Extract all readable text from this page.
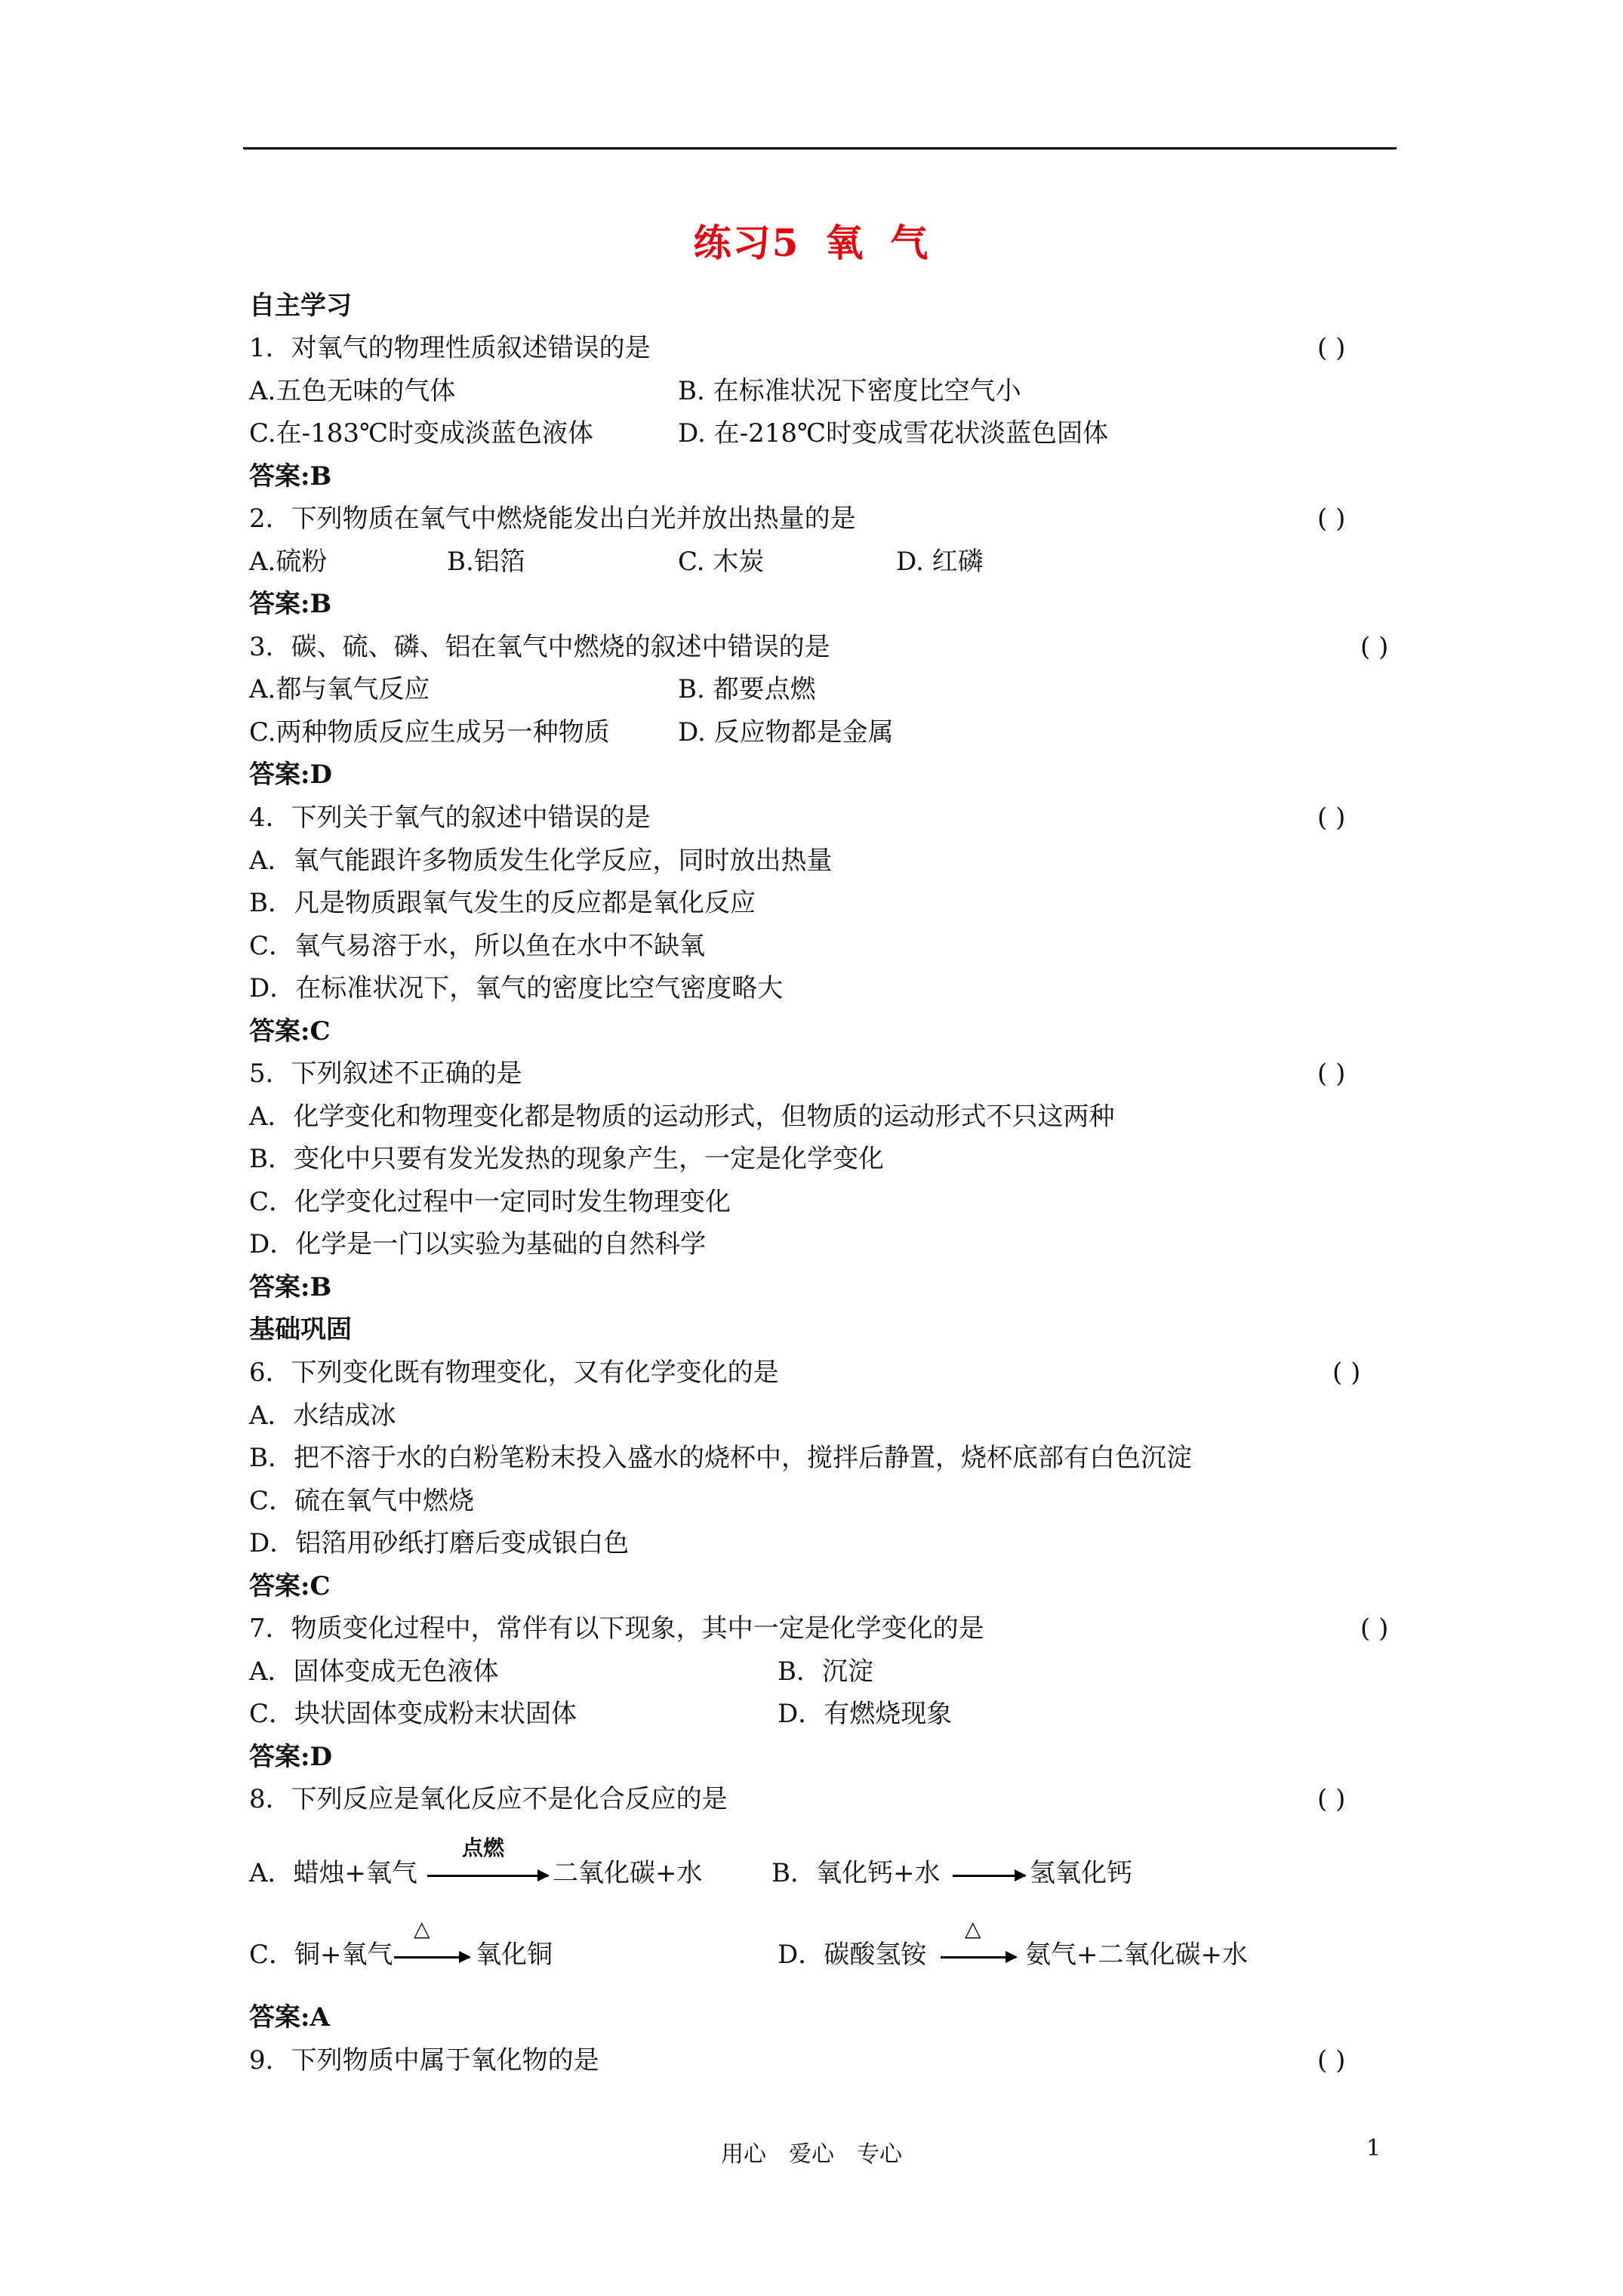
练习5 氧 气
自主学习
1．对氧气的物理性质叙述错误的是	( )
A.五色无味的气体	B. 在标准状况下密度比空气小
C.在-183℃时变成淡蓝色液体	D. 在-218℃时变成雪花状淡蓝色固体
答案:B
2．下列物质在氧气中燃烧能发出白光并放出热量的是	( )
A.硫粉	B.铝箔	C. 木炭	D. 红磷
答案:B
3．碳、硫、磷、铝在氧气中燃烧的叙述中错误的是	( )
A.都与氧气反应	B. 都要点燃
C.两种物质反应生成另一种物质	D. 反应物都是金属
答案:D
4．下列关于氧气的叙述中错误的是	( )
A．氧气能跟许多物质发生化学反应，同时放出热量
B．凡是物质跟氧气发生的反应都是氧化反应
C．氧气易溶于水，所以鱼在水中不缺氧
D．在标准状况下，氧气的密度比空气密度略大
答案:C
5．下列叙述不正确的是	( )
A．化学变化和物理变化都是物质的运动形式，但物质的运动形式不只这两种
B．变化中只要有发光发热的现象产生，一定是化学变化
C．化学变化过程中一定同时发生物理变化
D．化学是一门以实验为基础的自然科学
答案:B
基础巩固
6．下列变化既有物理变化，又有化学变化的是	( )
A．水结成冰
B．把不溶于水的白粉笔粉末投入盛水的烧杯中，搅拌后静置，烧杯底部有白色沉淀
C．硫在氧气中燃烧
D．铝箔用砂纸打磨后变成银白色
答案:C
7．物质变化过程中，常伴有以下现象，其中一定是化学变化的是	( )
A．固体变成无色液体	B．沉淀
C．块状固体变成粉末状固体	D．有燃烧现象
答案:D
8．下列反应是氧化反应不是化合反应的是	( )
A．蜡烛+氧气
点燃
二氧化碳+水	B．氧化钙+水	氢氧化钙
C．铜+氧气
△
氧化铜	D．碳酸氢铵
△
氨气+二氧化碳+水
答案:A
9．下列物质中属于氧化物的是	( )
用心　爱心　专心	1
